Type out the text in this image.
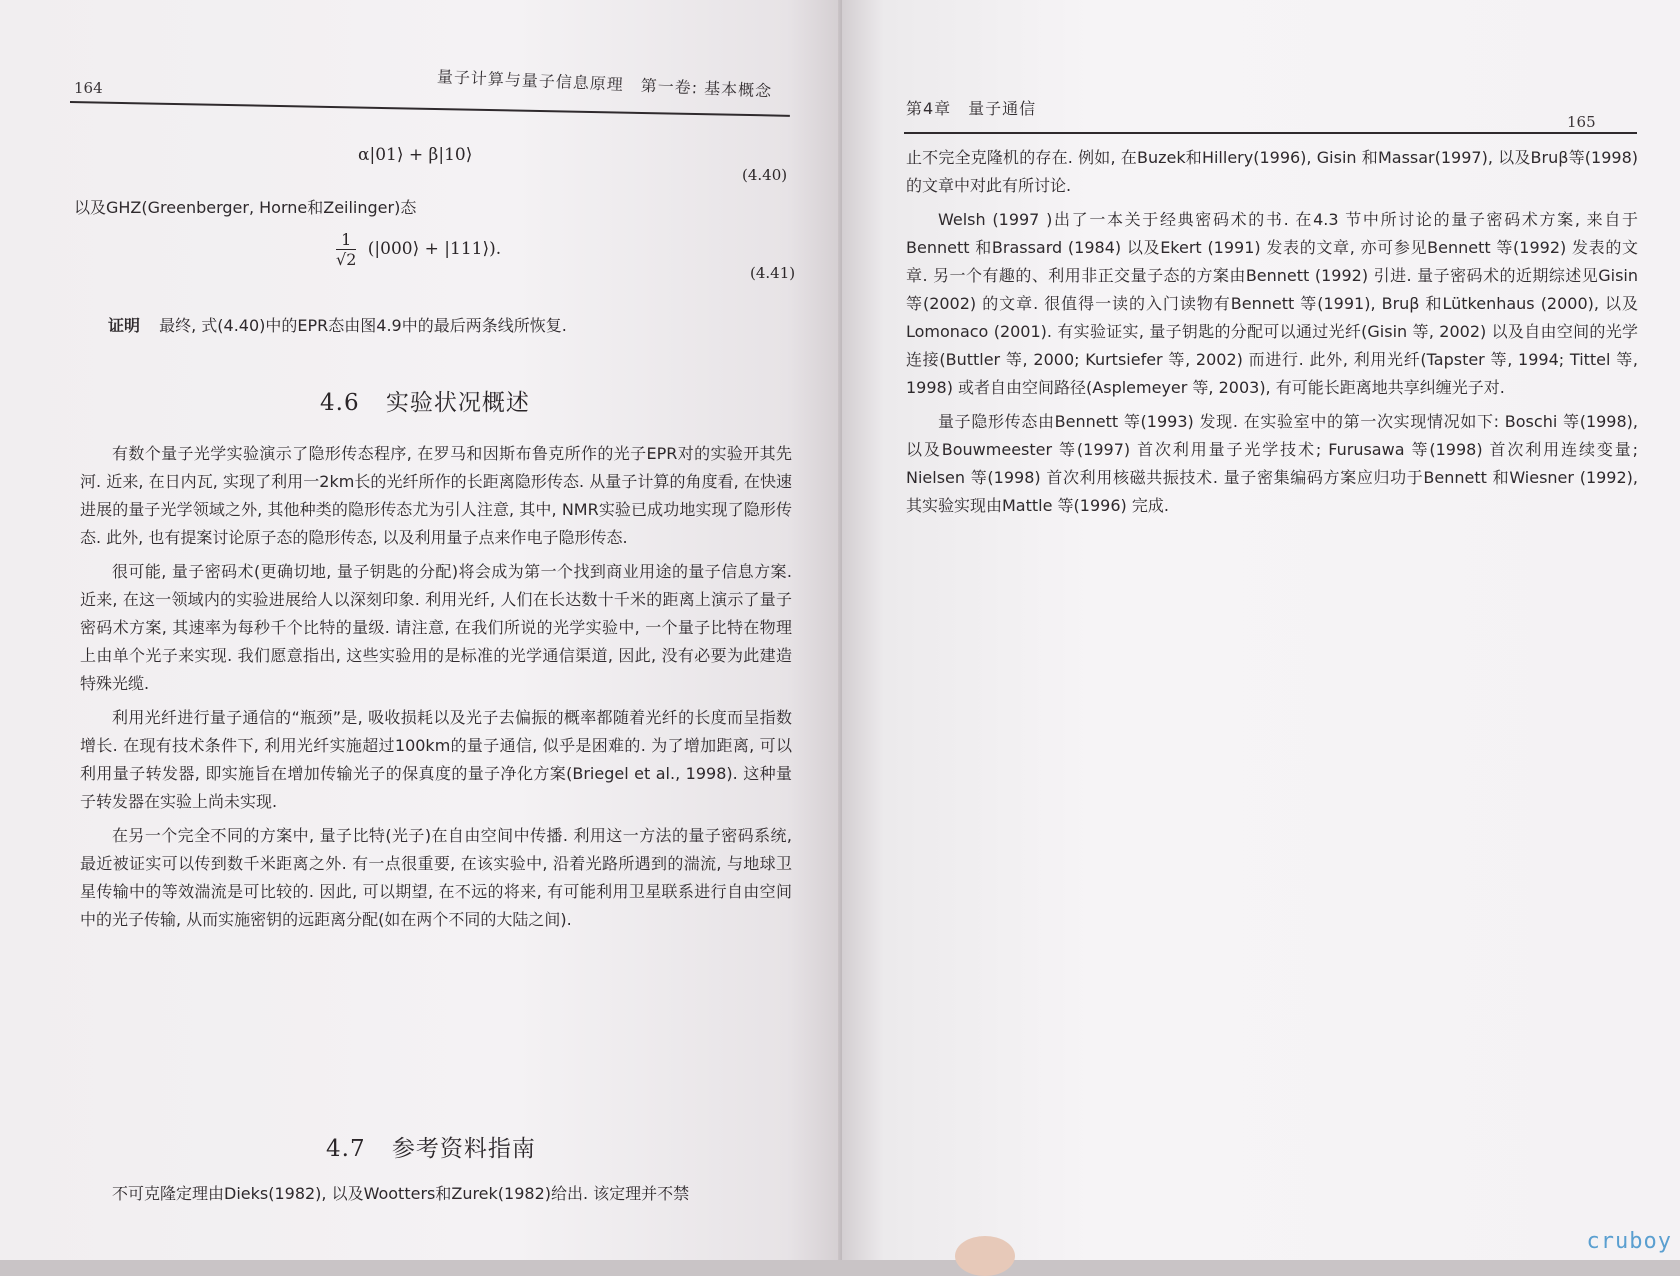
164	量子计算与量子信息原理　第一卷: 基本概念
α|01⟩ + β|10⟩
(4.40)
以及GHZ(Greenberger, Horne和Zeilinger)态
$\frac{1}{√2}$ (|000⟩ + |111⟩).
(4.41)
证明 最终, 式(4.40)中的EPR态由图4.9中的最后两条线所恢复.
4.6 实验状况概述

有数个量子光学实验演示了隐形传态程序, 在罗马和因斯布鲁克所作的光子EPR对的实验开其先河. 近来, 在日内瓦, 实现了利用一2km长的光纤所作的长距离隐形传态. 从量子计算的角度看, 在快速进展的量子光学领域之外, 其他种类的隐形传态尤为引人注意, 其中, NMR实验已成功地实现了隐形传态. 此外, 也有提案讨论原子态的隐形传态, 以及利用量子点来作电子隐形传态.

很可能, 量子密码术(更确切地, 量子钥匙的分配)将会成为第一个找到商业用途的量子信息方案. 近来, 在这一领域内的实验进展给人以深刻印象. 利用光纤, 人们在长达数十千米的距离上演示了量子密码术方案, 其速率为每秒千个比特的量级. 请注意, 在我们所说的光学实验中, 一个量子比特在物理上由单个光子来实现. 我们愿意指出, 这些实验用的是标准的光学通信渠道, 因此, 没有必要为此建造特殊光缆.

利用光纤进行量子通信的“瓶颈”是, 吸收损耗以及光子去偏振的概率都随着光纤的长度而呈指数增长. 在现有技术条件下, 利用光纤实施超过100km的量子通信, 似乎是困难的. 为了增加距离, 可以利用量子转发器, 即实施旨在增加传输光子的保真度的量子净化方案(Briegel et al., 1998). 这种量子转发器在实验上尚未实现.

在另一个完全不同的方案中, 量子比特(光子)在自由空间中传播. 利用这一方法的量子密码系统, 最近被证实可以传到数千米距离之外. 有一点很重要, 在该实验中, 沿着光路所遇到的湍流, 与地球卫星传输中的等效湍流是可比较的. 因此, 可以期望, 在不远的将来, 有可能利用卫星联系进行自由空间中的光子传输, 从而实施密钥的远距离分配(如在两个不同的大陆之间).

4.7 参考资料指南

不可克隆定理由Dieks(1982), 以及Wootters和Zurek(1982)给出. 该定理并不禁

第4章　量子通信
165

止不完全克隆机的存在. 例如, 在Buzek和Hillery(1996), Gisin 和Massar(1997), 以及Bruβ等(1998)的文章中对此有所讨论.

Welsh (1997 )出了一本关于经典密码术的书. 在4.3 节中所讨论的量子密码术方案, 来自于Bennett 和Brassard (1984) 以及Ekert (1991) 发表的文章, 亦可参见Bennett 等(1992) 发表的文章. 另一个有趣的、利用非正交量子态的方案由Bennett (1992) 引进. 量子密码术的近期综述见Gisin 等(2002) 的文章. 很值得一读的入门读物有Bennett 等(1991), Bruβ 和Lütkenhaus (2000), 以及Lomonaco (2001). 有实验证实, 量子钥匙的分配可以通过光纤(Gisin 等, 2002) 以及自由空间的光学连接(Buttler 等, 2000; Kurtsiefer 等, 2002) 而进行. 此外, 利用光纤(Tapster 等, 1994; Tittel 等, 1998) 或者自由空间路径(Asplemeyer 等, 2003), 有可能长距离地共享纠缠光子对.

量子隐形传态由Bennett 等(1993) 发现. 在实验室中的第一次实现情况如下: Boschi 等(1998), 以及Bouwmeester 等(1997) 首次利用量子光学技术; Furusawa 等(1998) 首次利用连续变量; Nielsen 等(1998) 首次利用核磁共振技术. 量子密集编码方案应归功于Bennett 和Wiesner (1992), 其实验实现由Mattle 等(1996) 完成.

cruboy
